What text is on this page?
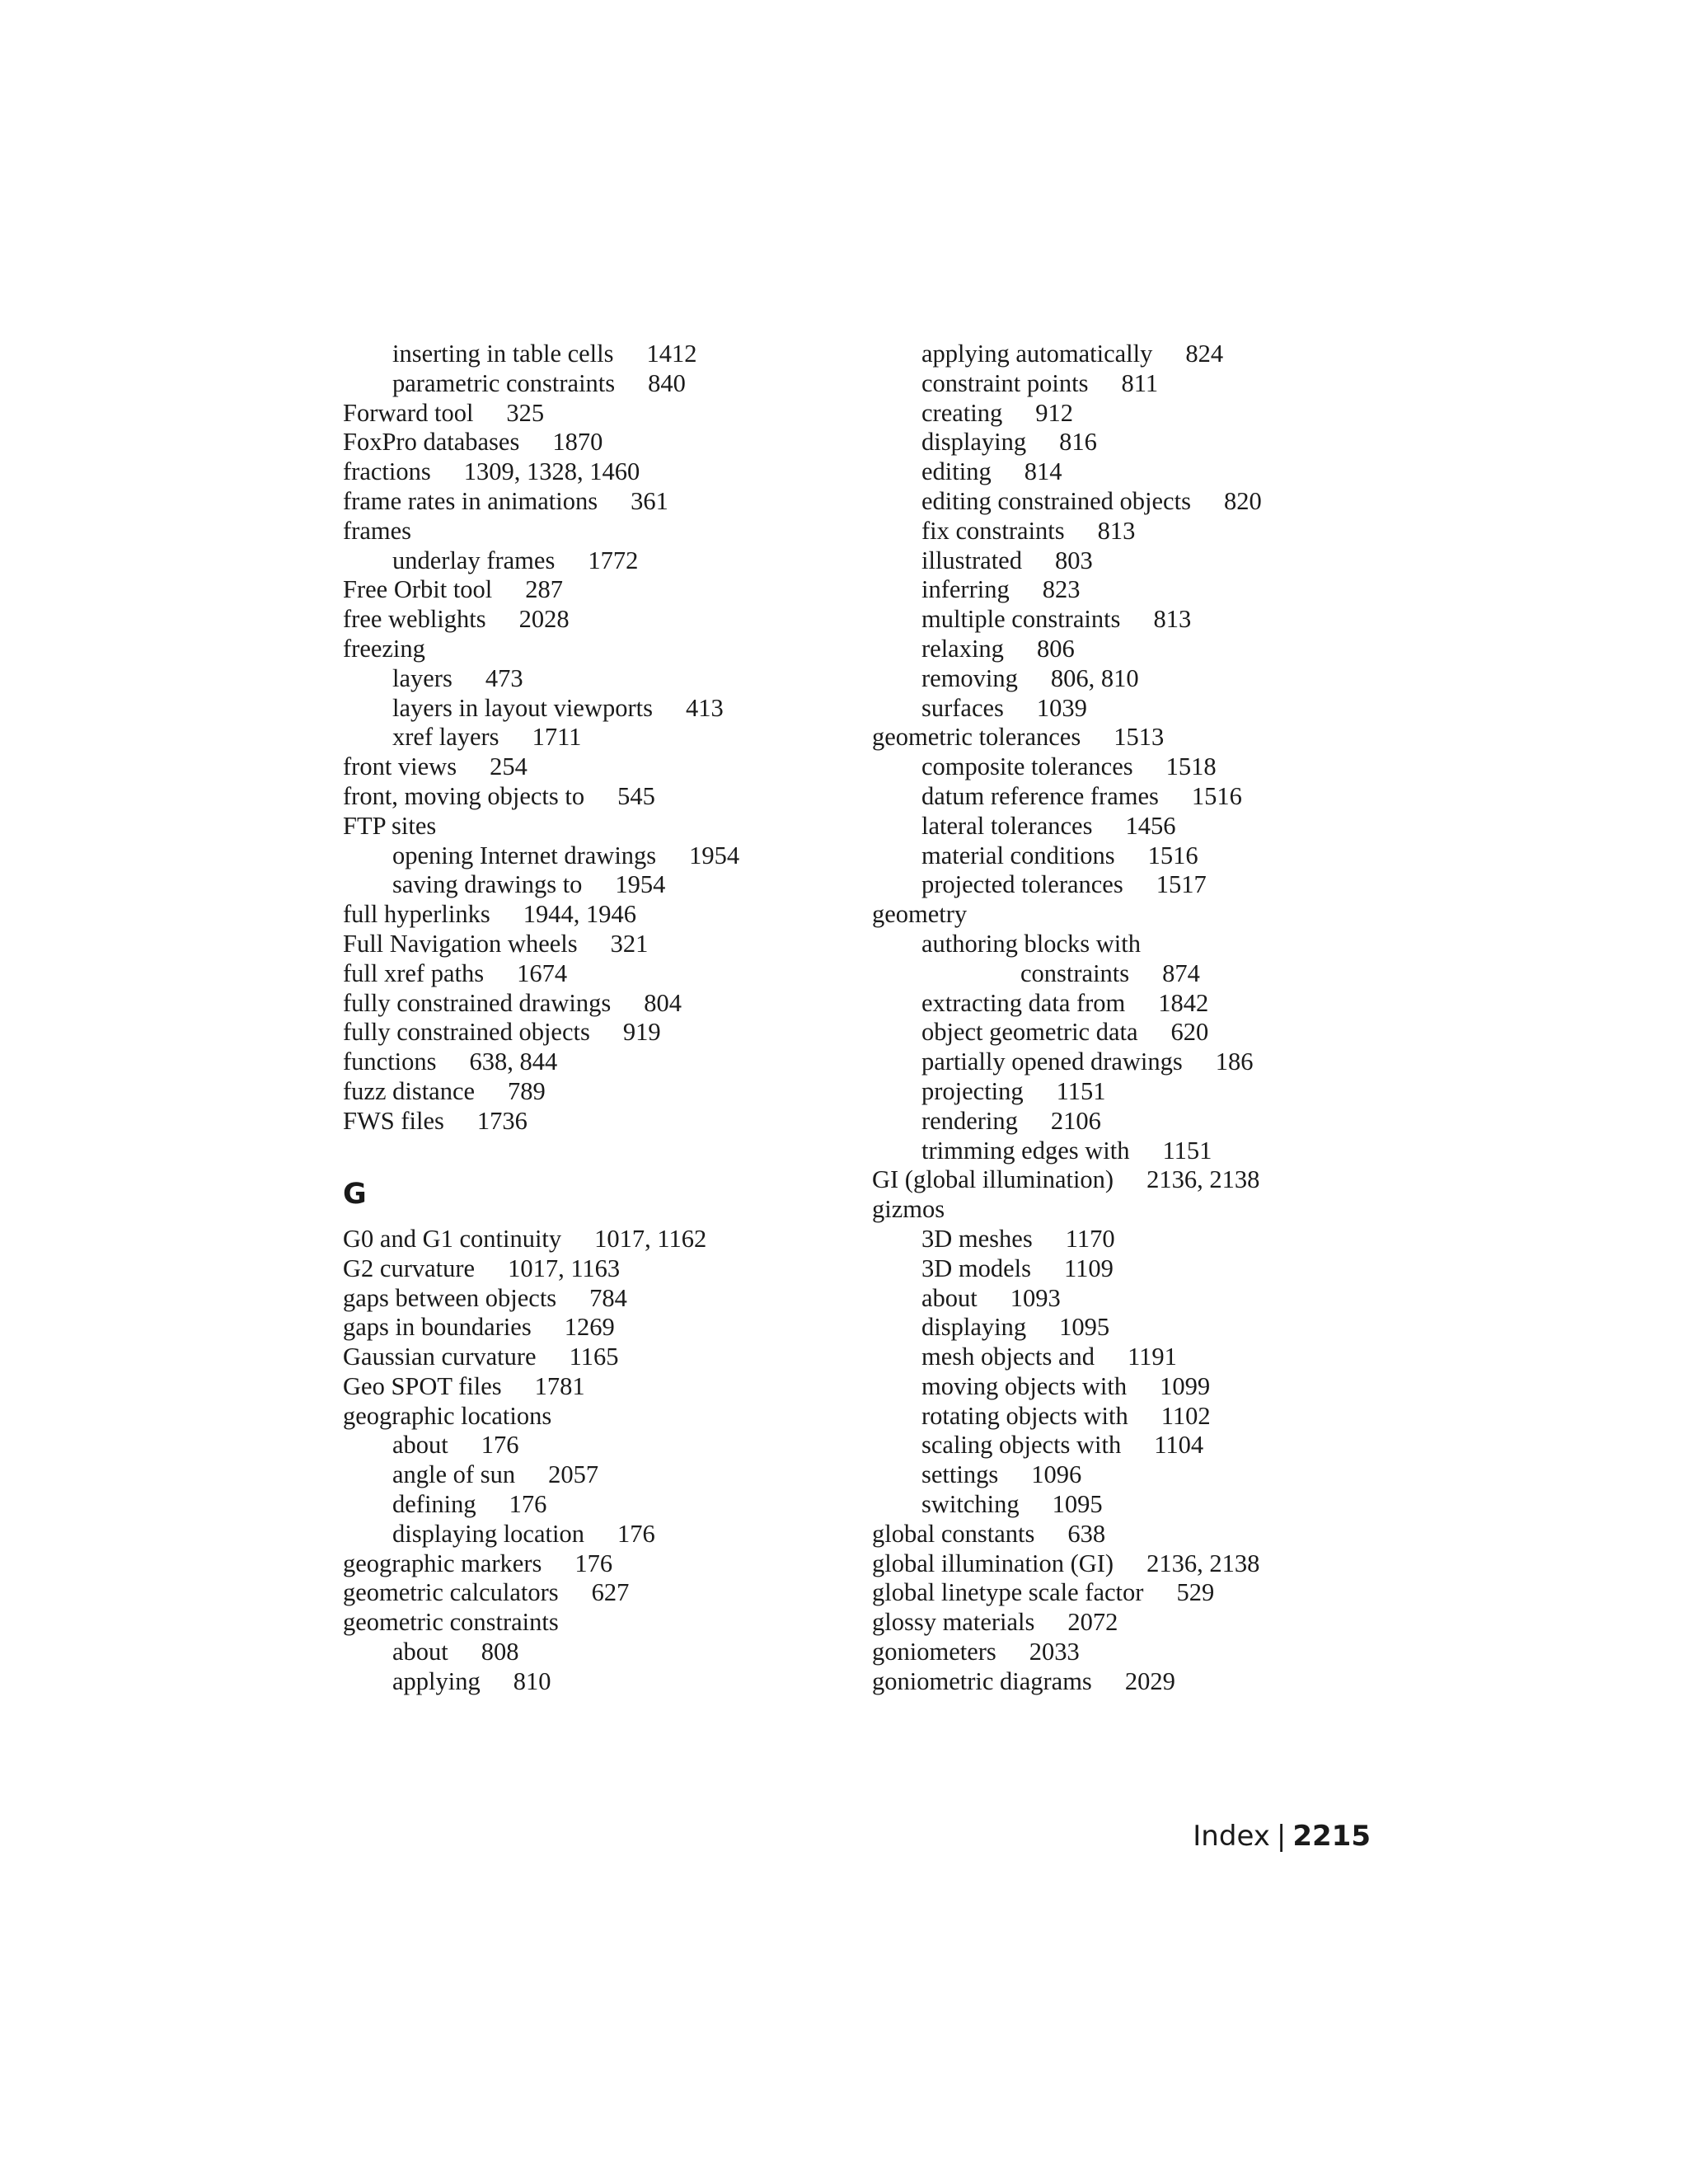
inserting in table cells 1412
parametric constraints 840
Forward tool 325
FoxPro databases 1870
fractions 1309, 1328, 1460
frame rates in animations 361
frames
underlay frames 1772
Free Orbit tool 287
free weblights 2028
freezing
layers 473
layers in layout viewports 413
xref layers 1711
front views 254
front, moving objects to 545
FTP sites
opening Internet drawings 1954
saving drawings to 1954
full hyperlinks 1944, 1946
Full Navigation wheels 321
full xref paths 1674
fully constrained drawings 804
fully constrained objects 919
functions 638, 844
fuzz distance 789
FWS files 1736
G
G0 and G1 continuity 1017, 1162
G2 curvature 1017, 1163
gaps between objects 784
gaps in boundaries 1269
Gaussian curvature 1165
Geo SPOT files 1781
geographic locations
about 176
angle of sun 2057
defining 176
displaying location 176
geographic markers 176
geometric calculators 627
geometric constraints
about 808
applying 810
applying automatically 824
constraint points 811
creating 912
displaying 816
editing 814
editing constrained objects 820
fix constraints 813
illustrated 803
inferring 823
multiple constraints 813
relaxing 806
removing 806, 810
surfaces 1039
geometric tolerances 1513
composite tolerances 1518
datum reference frames 1516
lateral tolerances 1456
material conditions 1516
projected tolerances 1517
geometry
authoring blocks with
constraints 874
extracting data from 1842
object geometric data 620
partially opened drawings 186
projecting 1151
rendering 2106
trimming edges with 1151
GI (global illumination) 2136, 2138
gizmos
3D meshes 1170
3D models 1109
about 1093
displaying 1095
mesh objects and 1191
moving objects with 1099
rotating objects with 1102
scaling objects with 1104
settings 1096
switching 1095
global constants 638
global illumination (GI) 2136, 2138
global linetype scale factor 529
glossy materials 2072
goniometers 2033
goniometric diagrams 2029
Index | 2215
